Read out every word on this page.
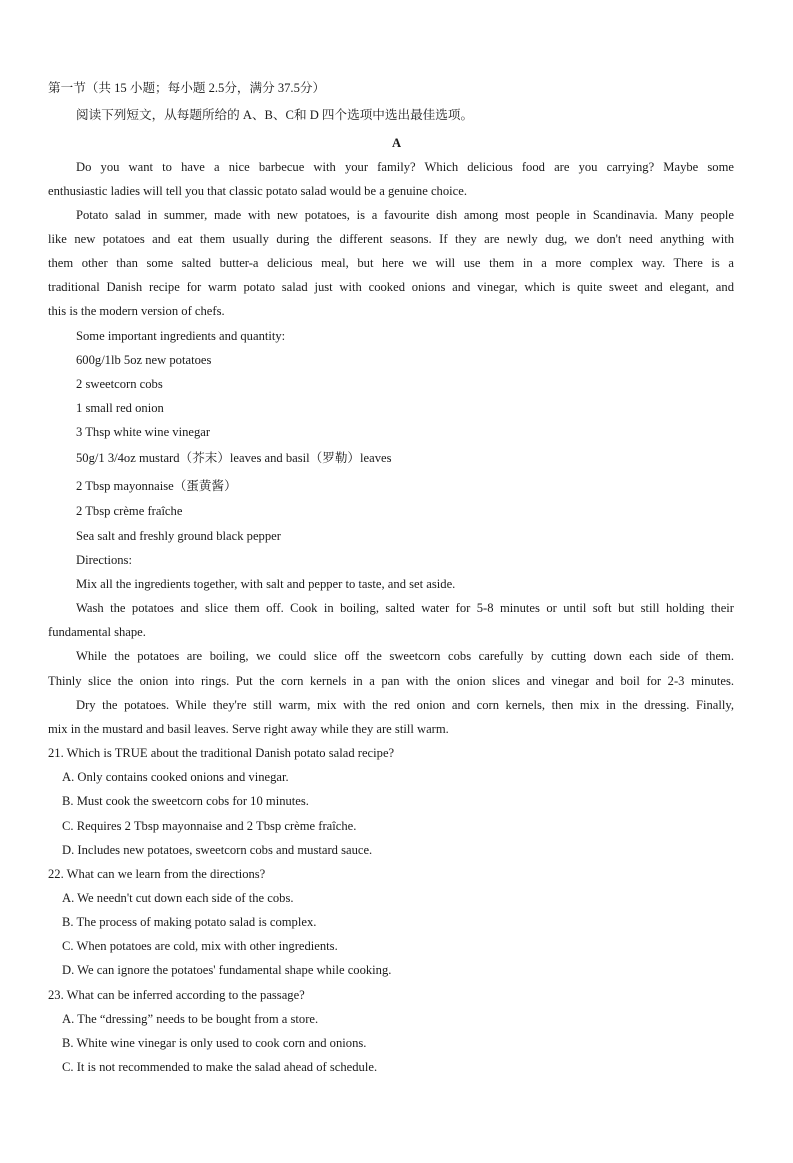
第一节（共 15 小题；每小题 2.5分，满分 37.5分）
阅读下列短文，从每题所给的 A、B、C和 D 四个选项中选出最佳选项。
A
Do you want to have a nice barbecue with your family? Which delicious food are you carrying? Maybe some
enthusiastic ladies will tell you that classic potato salad would be a genuine choice.
Potato salad in summer, made with new potatoes, is a favourite dish among most people in Scandinavia. Many people
like new potatoes and eat them usually during the different seasons. If they are newly dug, we don't need anything with
them other than some salted butter-a delicious meal, but here we will use them in a more complex way. There is a
traditional Danish recipe for warm potato salad just with cooked onions and vinegar, which is quite sweet and elegant, and
this is the modern version of chefs.
Some important ingredients and quantity:
600g/1lb 5oz new potatoes
2 sweetcorn cobs
1 small red onion
3 Thsp white wine vinegar
50g/1 3/4oz mustard（芥末）leaves and basil（罗勒）leaves
2 Tbsp mayonnaise（蛋黄酱）
2 Tbsp crème fraîche
Sea salt and freshly ground black pepper
Directions:
Mix all the ingredients together, with salt and pepper to taste, and set aside.
Wash the potatoes and slice them off. Cook in boiling, salted water for 5-8 minutes or until soft but still holding their
fundamental shape.
While the potatoes are boiling, we could slice off the sweetcorn cobs carefully by cutting down each side of them.
Thinly slice the onion into rings. Put the corn kernels in a pan with the onion slices and vinegar and boil for 2-3 minutes.
Dry the potatoes. While they're still warm, mix with the red onion and corn kernels, then mix in the dressing. Finally,
mix in the mustard and basil leaves. Serve right away while they are still warm.
21. Which is TRUE about the traditional Danish potato salad recipe?
A. Only contains cooked onions and vinegar.
B. Must cook the sweetcorn cobs for 10 minutes.
C. Requires 2 Tbsp mayonnaise and 2 Tbsp crème fraîche.
D. Includes new potatoes, sweetcorn cobs and mustard sauce.
22. What can we learn from the directions?
A. We needn't cut down each side of the cobs.
B. The process of making potato salad is complex.
C. When potatoes are cold, mix with other ingredients.
D. We can ignore the potatoes' fundamental shape while cooking.
23. What can be inferred according to the passage?
A. The “dressing” needs to be bought from a store.
B. White wine vinegar is only used to cook corn and onions.
C. It is not recommended to make the salad ahead of schedule.
